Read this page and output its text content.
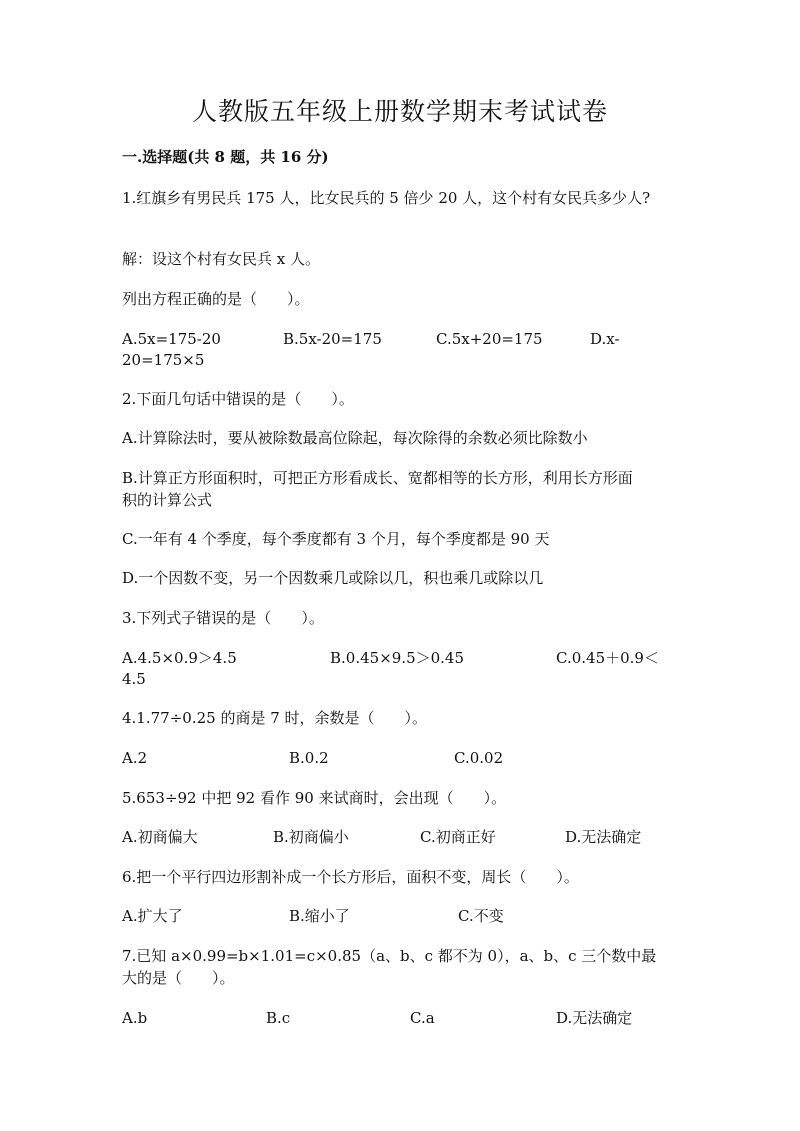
人教版五年级上册数学期末考试试卷
一.选择题(共 8 题，共 16 分)
1.红旗乡有男民兵 175 人，比女民兵的 5 倍少 20 人，这个村有女民兵多少人?
解：设这个村有女民兵 x 人。
列出方程正确的是（　　）。
A.5x=175-20	B.5x-20=175	C.5x+20=175	D.x-
20=175×5
2.下面几句话中错误的是（　　）。
A.计算除法时，要从被除数最高位除起，每次除得的余数必须比除数小
B.计算正方形面积时，可把正方形看成长、宽都相等的长方形，利用长方形面
积的计算公式
C.一年有 4 个季度，每个季度都有 3 个月，每个季度都是 90 天
D.一个因数不变，另一个因数乘几或除以几，积也乘几或除以几
3.下列式子错误的是（　　）。
A.4.5×0.9＞4.5	B.0.45×9.5＞0.45	C.0.45＋0.9＜
4.5
4.1.77÷0.25 的商是 7 时，余数是（　　）。
A.2	B.0.2	C.0.02
5.653÷92 中把 92 看作 90 来试商时，会出现（　　）。
A.初商偏大	B.初商偏小	C.初商正好	D.无法确定
6.把一个平行四边形割补成一个长方形后，面积不变，周长（　　）。
A.扩大了	B.缩小了	C.不变
7.已知 a×0.99=b×1.01=c×0.85（a、b、c 都不为 0），a、b、c 三个数中最
大的是（　　）。
A.b	B.c	C.a	D.无法确定
